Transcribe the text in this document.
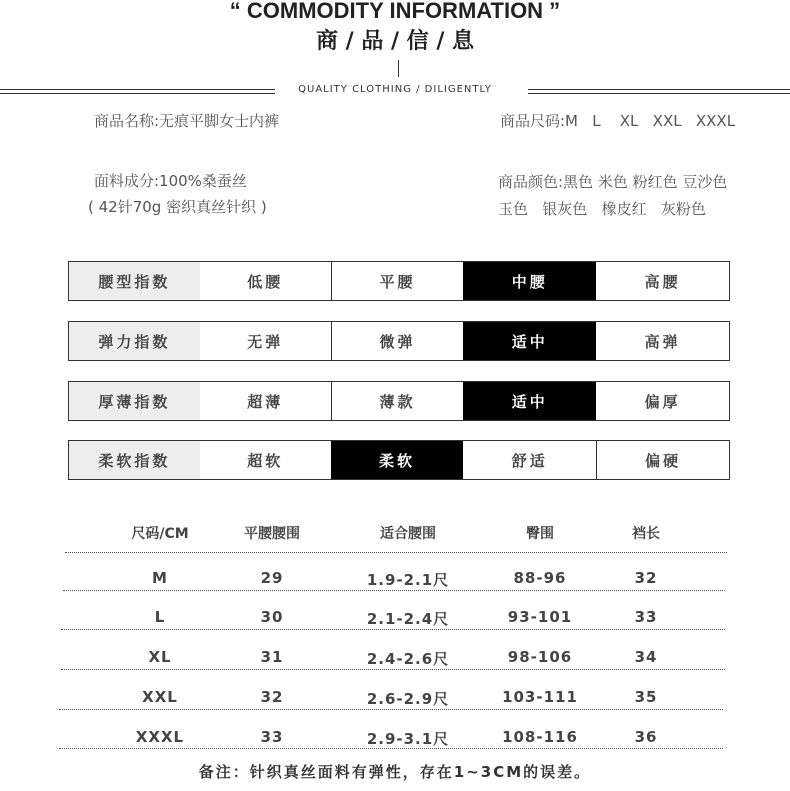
“ COMMODITY INFORMATION ”
商 / 品 / 信 / 息
QUALITY CLOTHING / DILIGENTLY
商品名称:无痕平脚女士内裤	商品尺码:M   L    XL   XXL   XXXL
面料成分:100%桑蚕丝
( 42针70g 密织真丝针织 )
商品颜色:黑色 米色 粉红色 豆沙色
玉色   银灰色   橡皮红   灰粉色
腰型指数	低腰	平腰	中腰	高腰
弹力指数	无弹	微弹	适中	高弹
厚薄指数	超薄	薄款	适中	偏厚
柔软指数	超软	柔软	舒适	偏硬
尺码/CM	平腰腰围	适合腰围	臀围	裆长
M	29	1.9-2.1尺	88-96	32
L	30	2.1-2.4尺	93-101	33
XL	31	2.4-2.6尺	98-106	34
XXL	32	2.6-2.9尺	103-111	35
XXXL	33	2.9-3.1尺	108-116	36
备注：针织真丝面料有弹性，存在1~3CM的误差。
